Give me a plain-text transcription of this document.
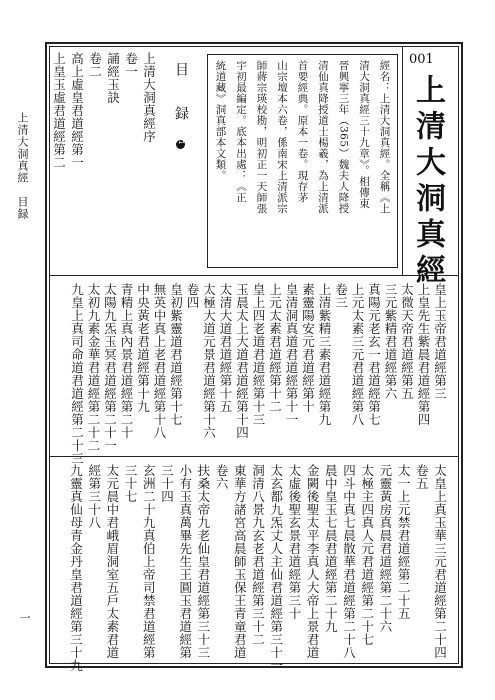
上清大洞真經　目録
一
001
上清大洞真經
經名：上清大洞真經。全稱《上
清大洞真經三十九章》。相傳東
晉興寧三年（365）魏夫人降授
清仙真降授道士楊羲，為上清派
首要經典。原本一卷。現存茅
山宗壇本六卷，係南宋上清派宗
師蔣宗瑛校勘，明初正一天師張
宇初最編定。底本出處：《正
統道藏》洞真部本文類。
目　録 1
上清大洞真經序
卷一
誦經玉訣
卷二
高上虛皇君道經第一
上皇玉虛君道經第二
皇上玉帝君道經第三
上皇先生紫晨君道經第四
太微天帝君道經第五
三元紫精君道經第六
真陽元老玄一君道經第七
上元太素三元君道經第八
卷三
上清紫精三素君道經第九
素靈陽安元君道經第十
皇清洞真道君道經第十一
上元太素君道經第十二
皇上四老道君道經第十三
玉晨太上大道君道經第十四
太清大道君道經第十五
太極大道元景君道經第十六
卷四
皇初紫靈道君道經第十七
無英中真上老君道經第十八
中央黃老君道經第十九
青精上真內景君道經第二十
太陽九炁玉冥君道經第二十一
太初九素金華君道經第二十二
九皇上真司命道君道經第二十三
太皇上真玉華三元君道經第二十四
卷五
太一上元禁君道經第二十五
元靈黃房真晨君道經第二十六
太極主四真人元君道經第二十七
四斗中真七晨散華君道經第二十八
晨中皇玉七晨君道經第二十九
金闕後聖太平李真人大帝上景君道
太虛後聖玄景君道經第三十
太玄都九炁丈人主仙君道經第三十一
洞清八景九玄老君道經第三十二
東華方諸宮高晨師玉保王青童君道
卷六
扶桑太帝九老仙皇君道經第三十三
小有玉真萬畢先生王圓玉君道經第
三十四
玄洲二十九真伯上帝司禁君道經第
三十七
太元晨中君峨眉洞室五戶太素君道
經第三十八
九靈真仙母青金丹皇君道經第三十九
